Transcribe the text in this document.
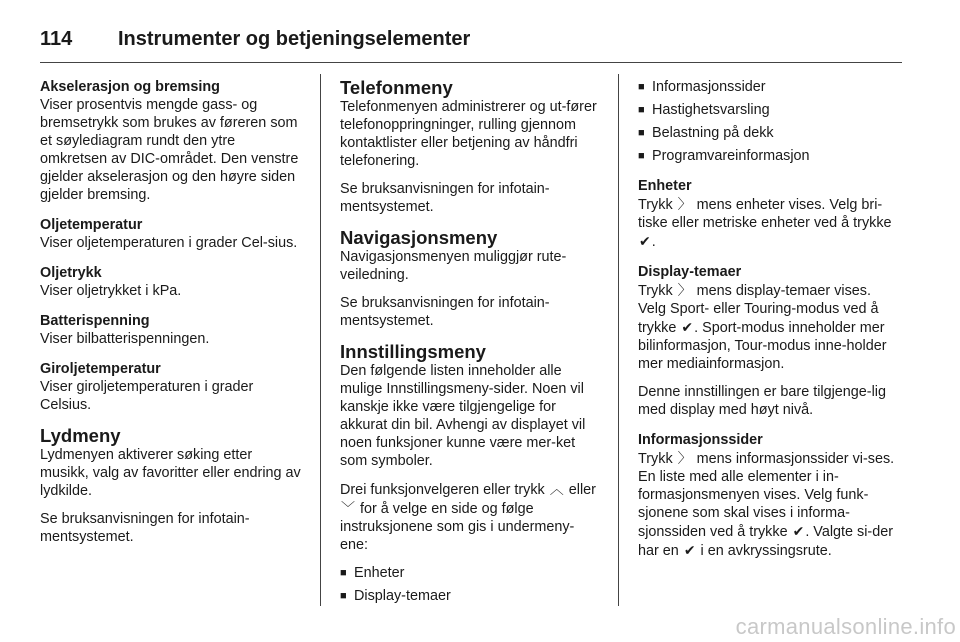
114	Instrumenter og betjeningselementer

Akselerasjon og bremsing

Viser prosentvis mengde gass- og bremsetrykk som brukes av føreren som et søylediagram rundt den ytre omkretsen av DIC-området. Den venstre gjelder akselerasjon og den høyre siden gjelder bremsing.

Oljetemperatur

Viser oljetemperaturen i grader Cel-sius.

Oljetrykk

Viser oljetrykket i kPa.

Batterispenning

Viser bilbatterispenningen.

Giroljetemperatur

Viser giroljetemperaturen i grader Celsius.

Lydmeny

Lydmenyen aktiverer søking etter musikk, valg av favoritter eller endring av lydkilde.

Se bruksanvisningen for infotain-mentsystemet.

Telefonmeny

Telefonmenyen administrerer og ut-fører telefonoppringninger, rulling gjennom kontaktlister eller betjening av håndfri telefonering.

Se bruksanvisningen for infotain-mentsystemet.

Navigasjonsmeny

Navigasjonsmenyen muliggjør rute-veiledning.

Se bruksanvisningen for infotain-mentsystemet.

Innstillingsmeny

Den følgende listen inneholder alle mulige Innstillingsmeny-sider. Noen vil kanskje ikke være tilgjengelige for akkurat din bil. Avhengi av displayet vil noen funksjoner kunne være mer-ket som symboler.

Drei funksjonvelgeren eller trykk ︿ eller ﹀ for å velge en side og følge instruksjonene som gis i undermeny-ene:

■ Enheter
■ Display-temaer
■ Informasjonssider
■ Hastighetsvarsling
■ Belastning på dekk
■ Programvareinformasjon

Enheter

Trykk 〉 mens enheter vises. Velg bri-tiske eller metriske enheter ved å trykke ✔.

Display-temaer

Trykk 〉 mens display-temaer vises. Velg Sport- eller Touring-modus ved å trykke ✔. Sport-modus inneholder mer bilinformasjon, Tour-modus inne-holder mer mediainformasjon.

Denne innstillingen er bare tilgjenge-lig med display med høyt nivå.

Informasjonssider

Trykk 〉 mens informasjonssider vi-ses. En liste med alle elementer i in-formasjonsmenyen vises. Velg funk-sjonene som skal vises i informa-sjonssiden ved å trykke ✔. Valgte si-der har en ✔ i en avkryssingsrute.

carmanualsonline.info
